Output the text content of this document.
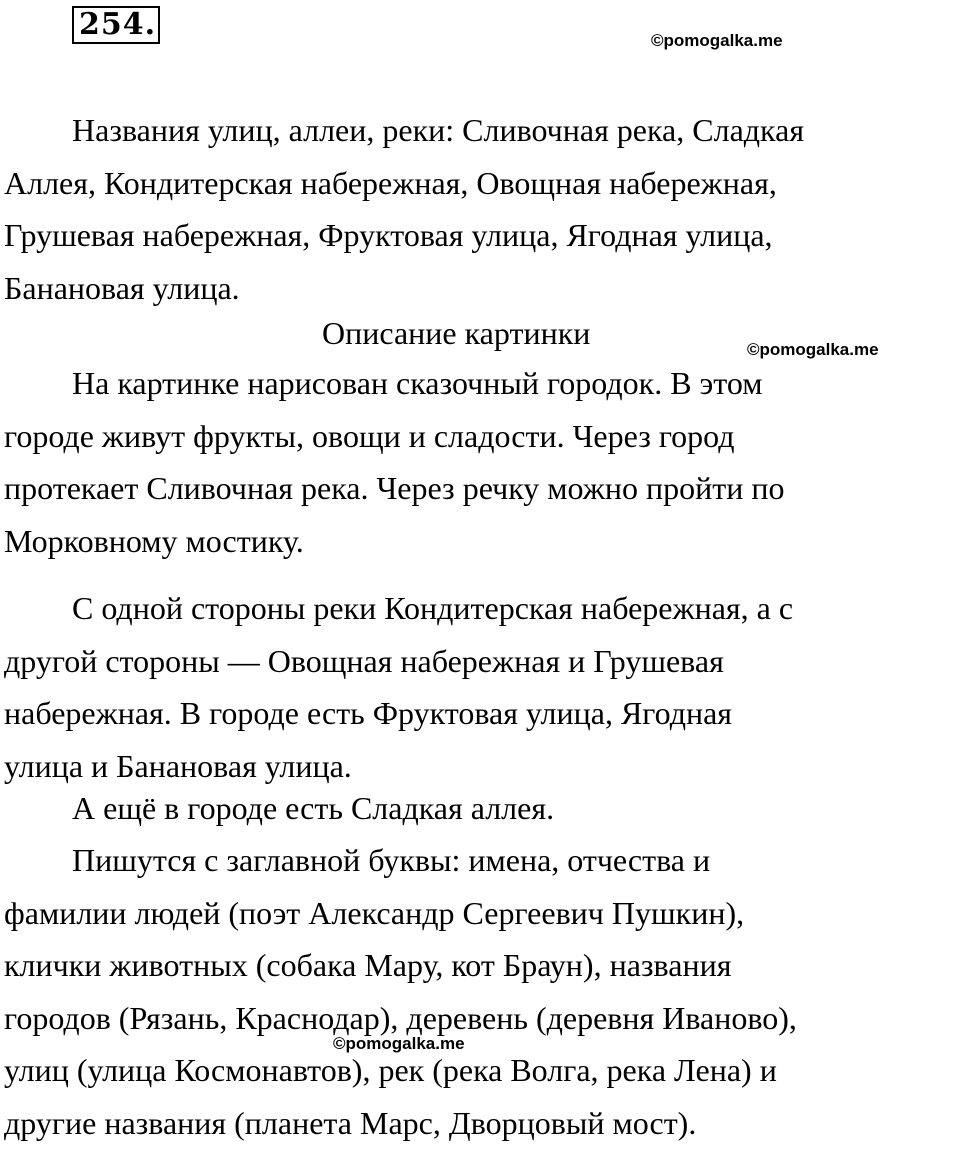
254.	©pomogalka.me
Названия улиц, аллеи, реки: Сливочная река, Сладкая
Аллея, Кондитерская набережная, Овощная набережная,
Грушевая набережная, Фруктовая улица, Ягодная улица,
Банановая улица.
Описание картинки	©pomogalka.me
На картинке нарисован сказочный городок. В этом
городе живут фрукты, овощи и сладости. Через город
протекает Сливочная река. Через речку можно пройти по
Морковному мостику.
С одной стороны реки Кондитерская набережная, а с
другой стороны — Овощная набережная и Грушевая
набережная. В городе есть Фруктовая улица, Ягодная
улица и Банановая улица.
А ещё в городе есть Сладкая аллея.
Пишутся с заглавной буквы: имена, отчества и
фамилии людей (поэт Александр Сергеевич Пушкин),
клички животных (собака Мару, кот Браун), названия
городов (Рязань, Краснодар), деревень (деревня Иваново),
улиц (улица Космонавтов), рек (река Волга, река Лена) и
другие названия (планета Марс, Дворцовый мост).
©pomogalka.me
